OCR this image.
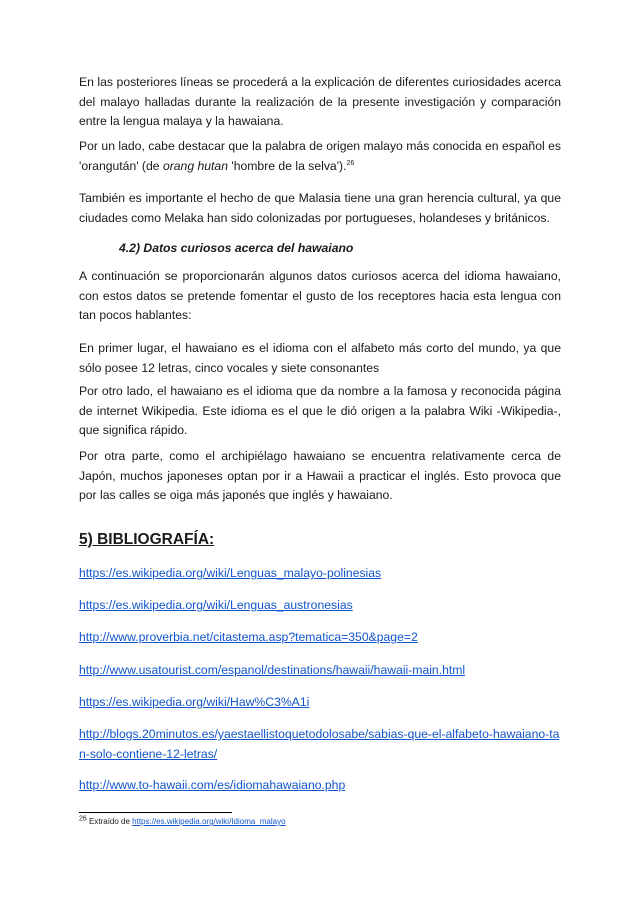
En las posteriores líneas se procederá a la explicación de diferentes curiosidades acerca del malayo halladas durante la realización de la presente investigación y comparación entre la lengua malaya y la hawaiana.

Por un lado, cabe destacar que la palabra de origen malayo más conocida en español es 'orangután' (de orang hutan 'hombre de la selva').$^{26}$

También es importante el hecho de que Malasia tiene una gran herencia cultural, ya que ciudades como Melaka han sido colonizadas por portugueses, holandeses y británicos.

4.2) Datos curiosos acerca del hawaiano

A continuación se proporcionarán algunos datos curiosos acerca del idioma hawaiano, con estos datos se pretende fomentar el gusto de los receptores hacia esta lengua con tan pocos hablantes:

En primer lugar, el hawaiano es el idioma con el alfabeto más corto del mundo, ya que sólo posee 12 letras, cinco vocales y siete consonantes

Por otro lado, el hawaiano es el idioma que da nombre a la famosa y reconocida página de internet Wikipedia. Este idioma es el que le dió origen a la palabra Wiki -Wikipedia-, que significa rápido.

Por otra parte, como el archipiélago hawaiano se encuentra relativamente cerca de Japón, muchos japoneses optan por ir a Hawaii a practicar el inglés. Esto provoca que por las calles se oiga más japonés que inglés y hawaiano.

5) BIBLIOGRAFÍA:

https://es.wikipedia.org/wiki/Lenguas_malayo-polinesias

https://es.wikipedia.org/wiki/Lenguas_austronesias

http://www.proverbia.net/citastema.asp?tematica=350&page=2

http://www.usatourist.com/espanol/destinations/hawaii/hawaii-main.html

https://es.wikipedia.org/wiki/Haw%C3%A1i

http://blogs.20minutos.es/yaestaellistoquetodolosabe/sabias-que-el-alfabeto-hawaiano-tan-solo-contiene-12-letras/

http://www.to-hawaii.com/es/idiomahawaiano.php

$^{26}$ Extraído de https://es.wikipedia.org/wiki/Idioma_malayo
